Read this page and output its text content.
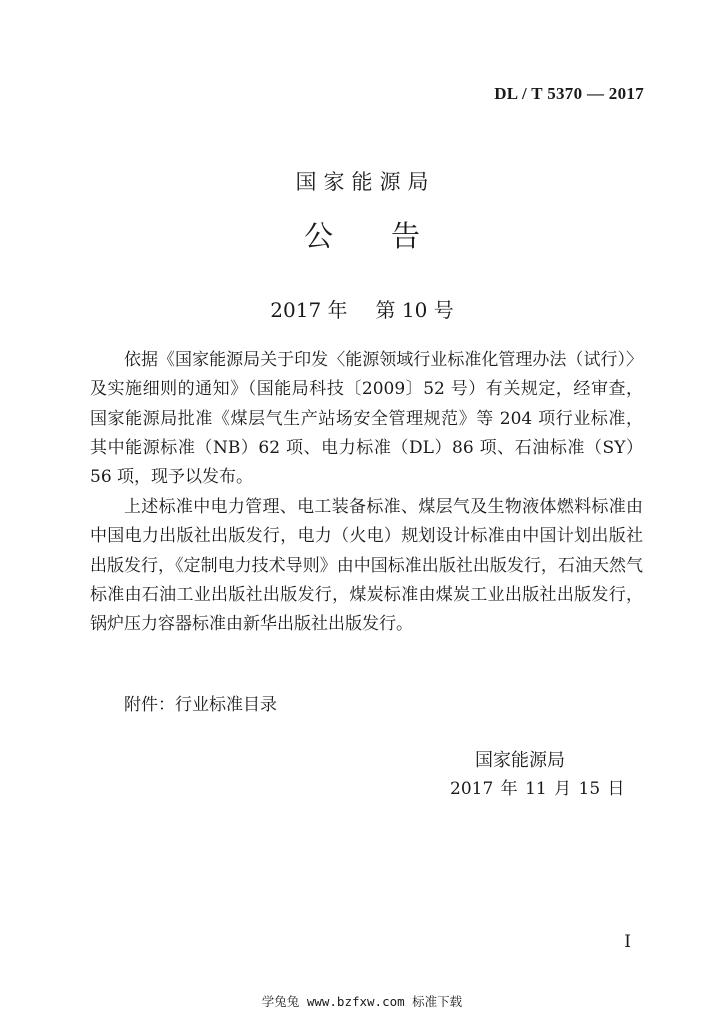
DL / T 5370 — 2017
国家能源局
公告
2017 年 第 10 号

依据《国家能源局关于印发〈能源领域行业标准化管理办法（试行）〉及实施细则的通知》（国能局科技〔2009〕52 号）有关规定，经审查，国家能源局批准《煤层气生产站场安全管理规范》等 204 项行业标准，其中能源标准（NB）62 项、电力标准（DL）86 项、石油标准（SY）56 项，现予以发布。

上述标准中电力管理、电工装备标准、煤层气及生物液体燃料标准由中国电力出版社出版发行，电力（火电）规划设计标准由中国计划出版社出版发行，《定制电力技术导则》由中国标准出版社出版发行，石油天然气标准由石油工业出版社出版发行，煤炭标准由煤炭工业出版社出版发行，锅炉压力容器标准由新华出版社出版发行。

附件：行业标准目录
国家能源局
2017 年 11 月 15 日
I
学兔兔 www.bzfxw.com 标准下载
